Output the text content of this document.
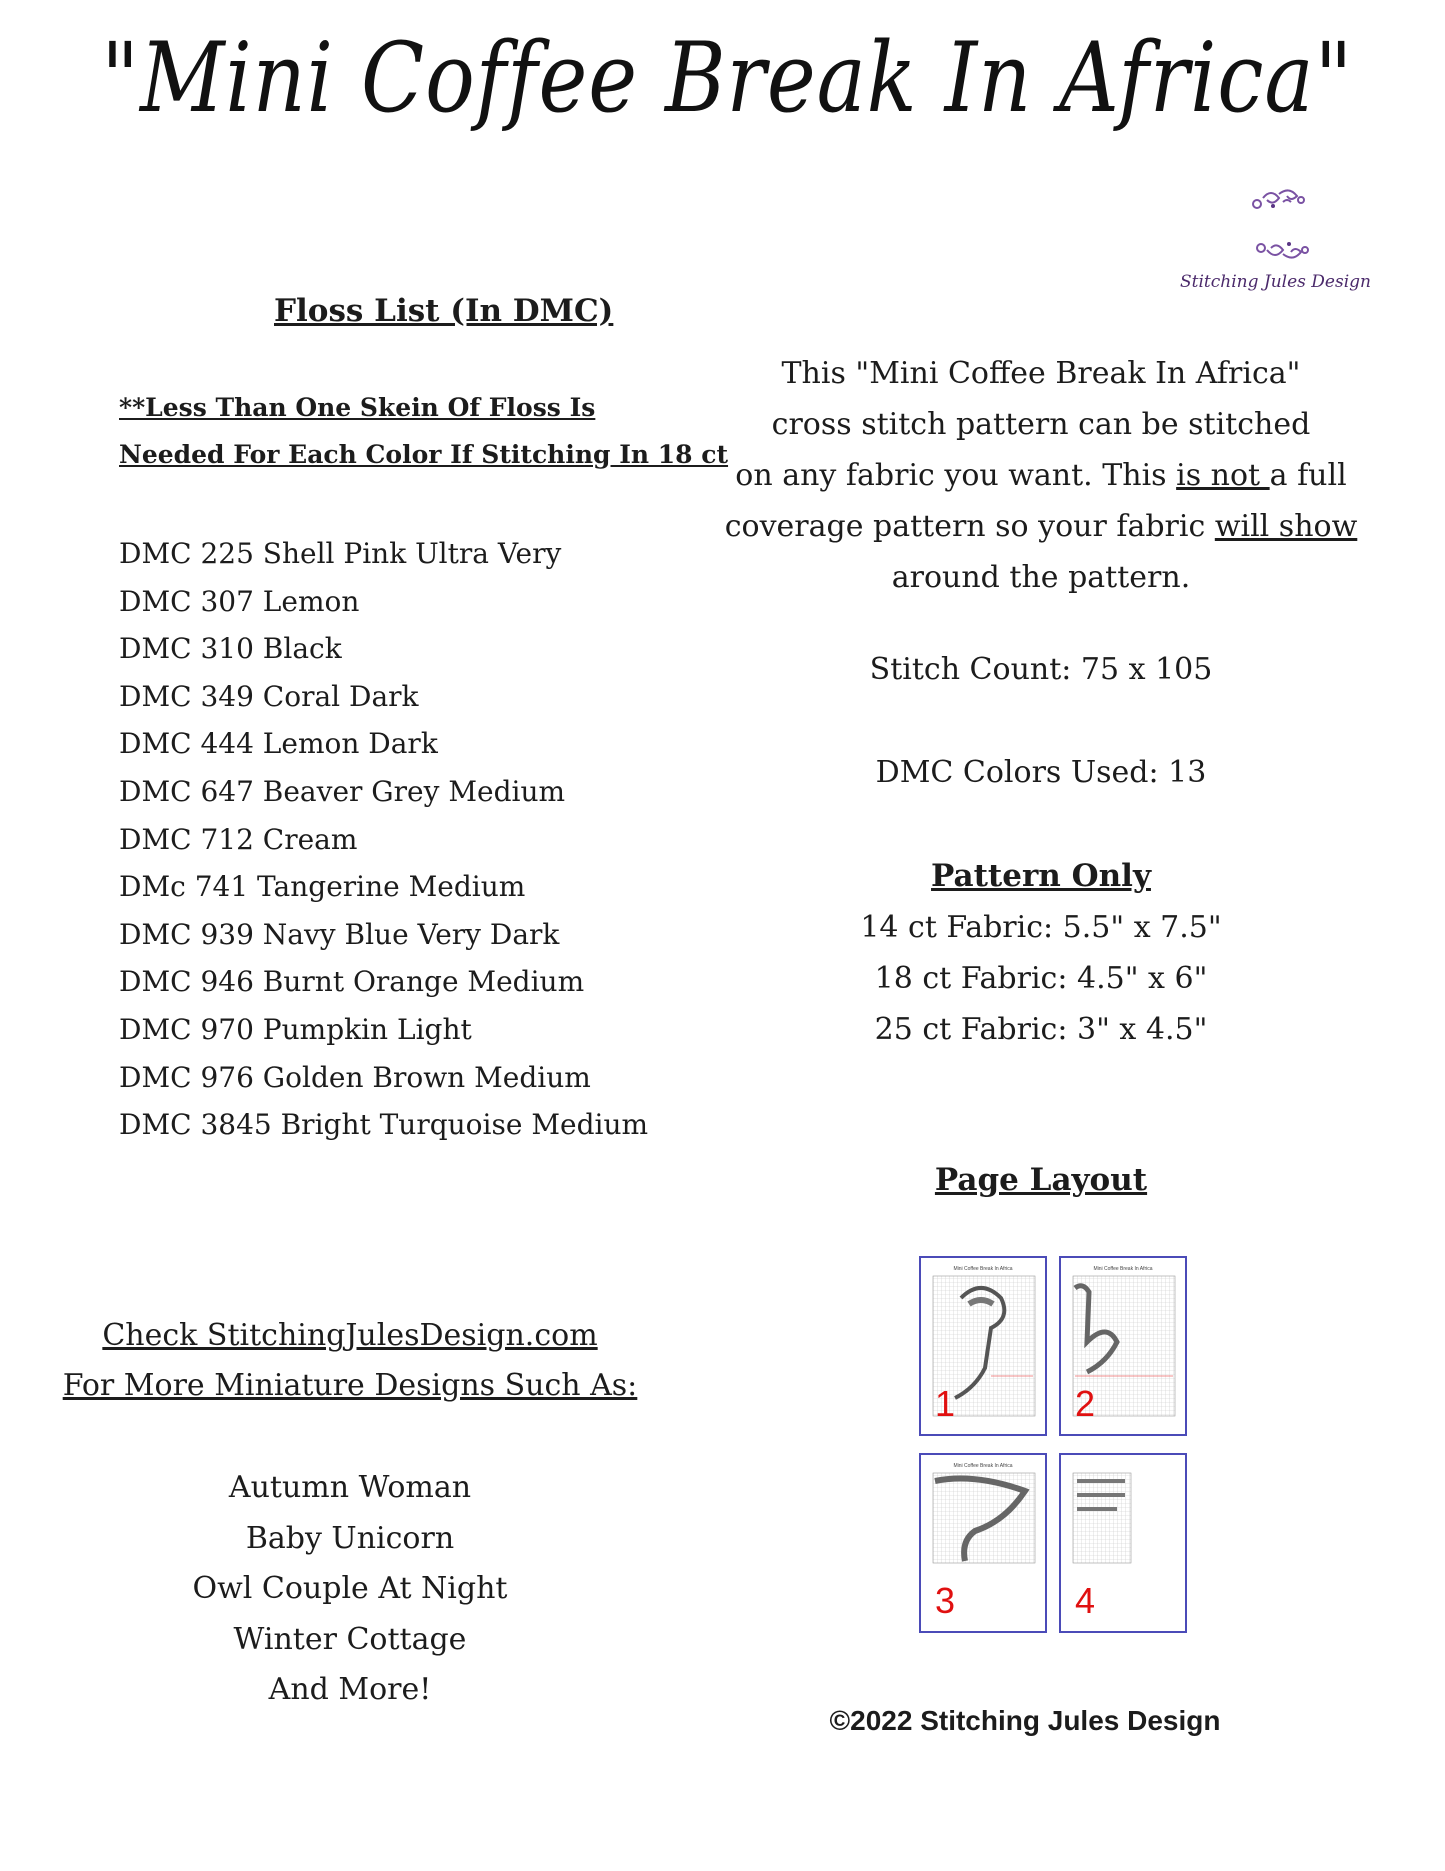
"Mini Coffee Break In Africa"
Stitching Jules Design
Floss List (In DMC)
**Less Than One Skein Of Floss Is
Needed For Each Color If Stitching In 18 ct
DMC 225 Shell Pink Ultra Very
DMC 307 Lemon
DMC 310 Black
DMC 349 Coral Dark
DMC 444 Lemon Dark
DMC 647 Beaver Grey Medium
DMC 712 Cream
DMc 741 Tangerine Medium
DMC 939 Navy Blue Very Dark
DMC 946 Burnt Orange Medium
DMC 970 Pumpkin Light
DMC 976 Golden Brown Medium
DMC 3845 Bright Turquoise Medium
Check StitchingJulesDesign.com
For More Miniature Designs Such As:
Autumn Woman
Baby Unicorn
Owl Couple At Night
Winter Cottage
And More!
This "Mini Coffee Break In Africa"
cross stitch pattern can be stitched
on any fabric you want. This is not a full
coverage pattern so your fabric will show
around the pattern.
Stitch Count: 75 x 105
DMC Colors Used: 13
Pattern Only
14 ct Fabric: 5.5" x 7.5"
18 ct Fabric: 4.5" x 6"
25 ct Fabric: 3" x 4.5"
Page Layout
Mini Coffee Break In Africa
1
Mini Coffee Break In Africa
2
Mini Coffee Break In Africa
3	4
©2022 Stitching Jules Design
